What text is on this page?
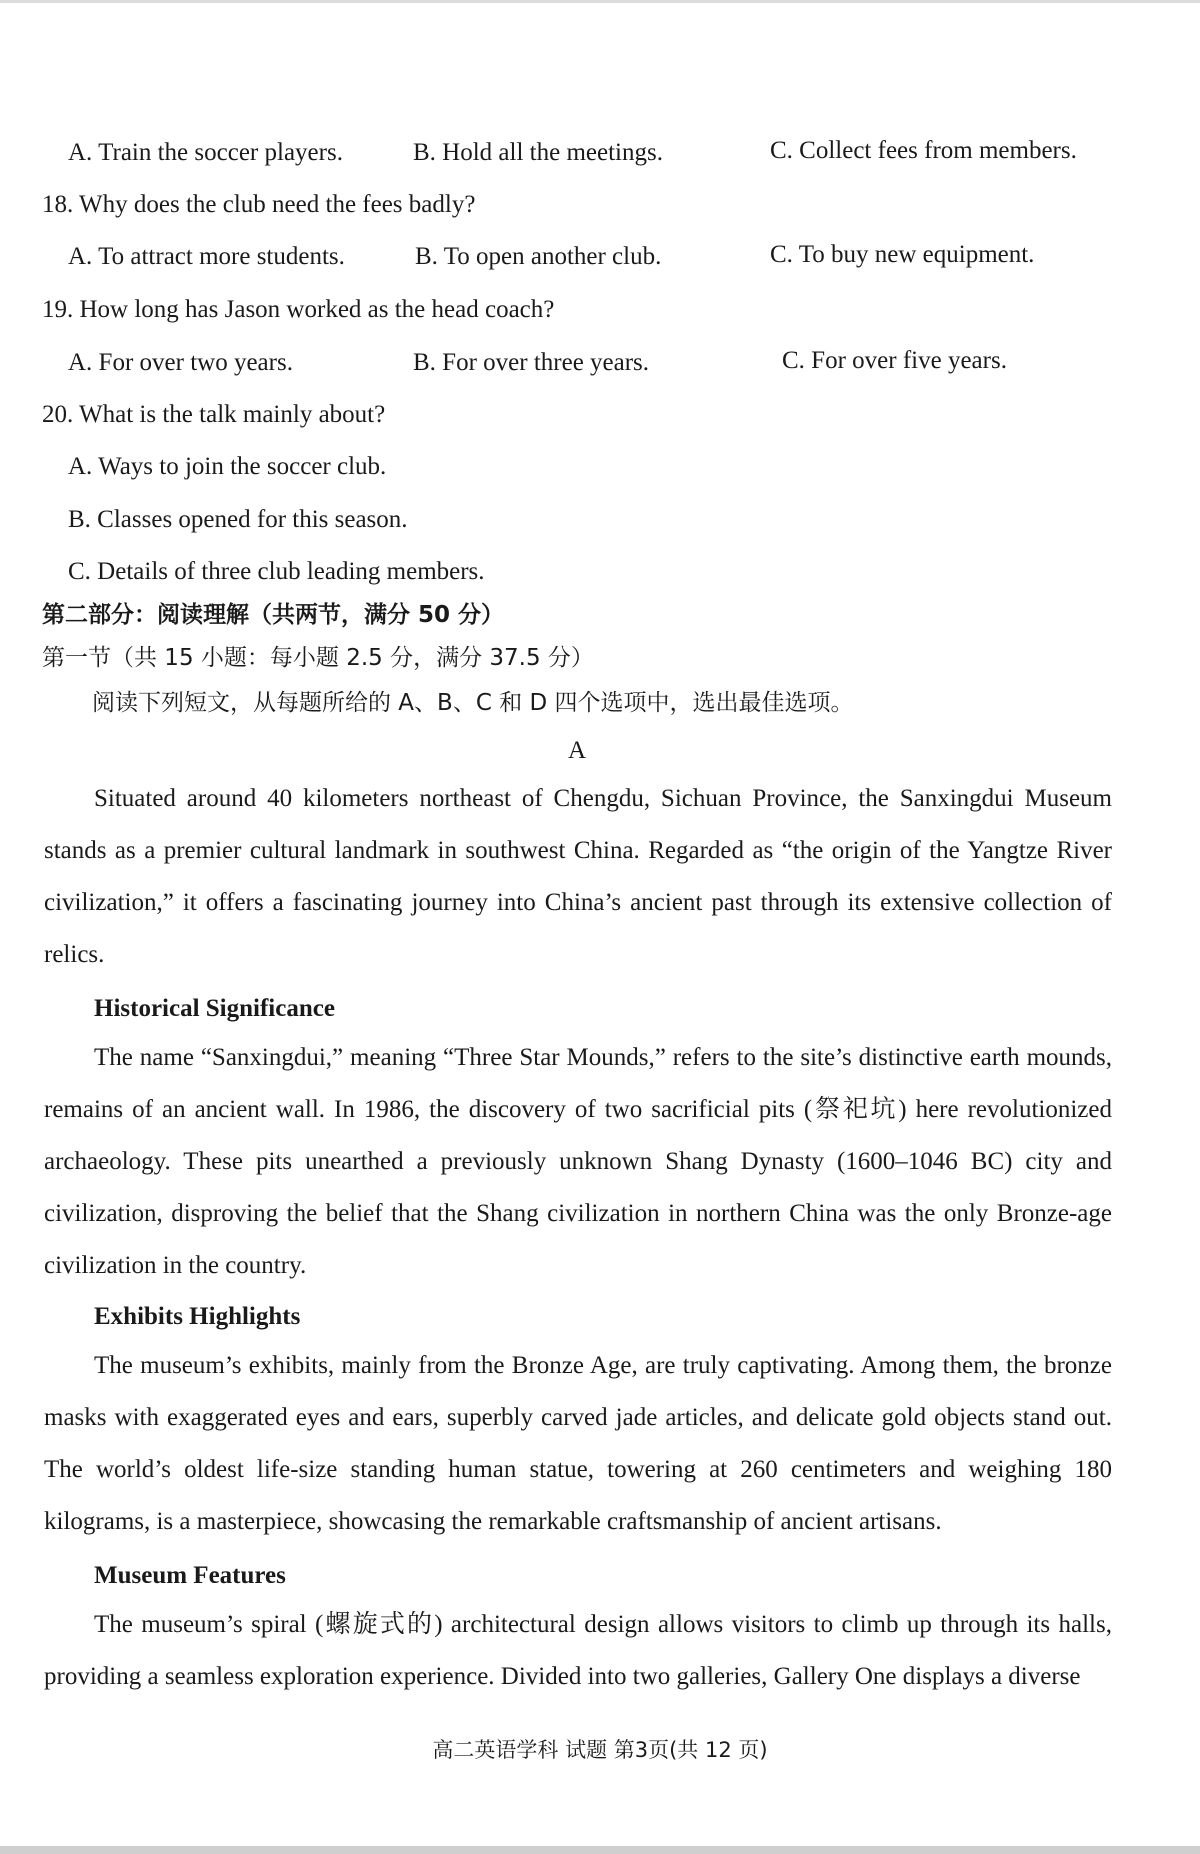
A. Train the soccer players.	B. Hold all the meetings.	C. Collect fees from members.
18. Why does the club need the fees badly?
A. To attract more students.	B. To open another club.	C. To buy new equipment.
19. How long has Jason worked as the head coach?
A. For over two years.	B. For over three years.	C. For over five years.
20. What is the talk mainly about?
A. Ways to join the soccer club.
B. Classes opened for this season.
C. Details of three club leading members.
第二部分：阅读理解（共两节，满分 50 分）
第一节（共 15 小题：每小题 2.5 分，满分 37.5 分）
阅读下列短文，从每题所给的 A、B、C 和 D 四个选项中，选出最佳选项。
A
Situated around 40 kilometers northeast of Chengdu, Sichuan Province, the Sanxingdui Museum stands as a premier cultural landmark in southwest China. Regarded as “the origin of the Yangtze River civilization,” it offers a fascinating journey into China’s ancient past through its extensive collection of relics.
Historical Significance
The name “Sanxingdui,” meaning “Three Star Mounds,” refers to the site’s distinctive earth mounds, remains of an ancient wall. In 1986, the discovery of two sacrificial pits (祭祀坑) here revolutionized archaeology. These pits unearthed a previously unknown Shang Dynasty (1600–1046 BC) city and civilization, disproving the belief that the Shang civilization in northern China was the only Bronze-age civilization in the country.
Exhibits Highlights
The museum’s exhibits, mainly from the Bronze Age, are truly captivating. Among them, the bronze masks with exaggerated eyes and ears, superbly carved jade articles, and delicate gold objects stand out. The world’s oldest life-size standing human statue, towering at 260 centimeters and weighing 180 kilograms, is a masterpiece, showcasing the remarkable craftsmanship of ancient artisans.
Museum Features
The museum’s spiral (螺旋式的) architectural design allows visitors to climb up through its halls, providing a seamless exploration experience. Divided into two galleries, Gallery One displays a diverse
高二英语学科 试题 第3页(共 12 页)
